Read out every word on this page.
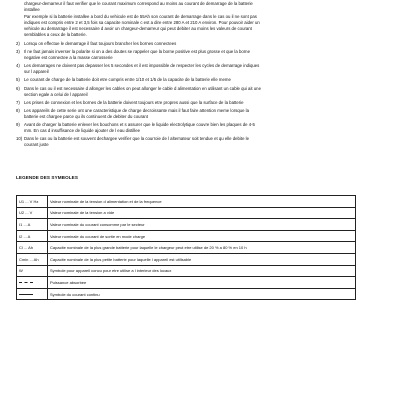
chargeur-demarreur il faut verifier que le courant maximum correspond au moins au courant de demarrage de la batterie

installee

Par exemple si la batterie installee a bord du vehicule est de 55Ah son courant de demarrage dans le cas ou il ne sont pas

indiques est compris entre 2 et 3,5 fois sa capacite nominale c est a dire entre 280 A et 210 A environ. Pour pouvoir aider un

vehicule au demarrage il est necessaire d avoir un chargeur-demarreur qui peut debiter au moins les valeurs de courant

semblables a ceux de la batterie.

2) Lorsqu on effectue le demarrage il faut toujours brancher les bornes connectees
3) Il ne faut jamais inverser la polarite si on a des doutes se rappeler que la borne positive est plus grosse et que la borne
negative est connectee a la masse carrosserie
4) Les demarrages ne doivent pas depasser les 5 secondes et il est impossible de respecter les cycles de demarrage indiques
sur l appareil
5) Le courant de charge de la batterie doit etre compris entre 1/10 et 1/5 de la capacite de la batterie elle meme
6) Dans le cas ou il est necessaire d allonger les cables on peut allonger le cable d alimentation en utilisant un cable qui ait une
section egale a celui de l appareil
7) Les prises de connexion et les bornes de la batterie doivent toujours etre propres aussi que la surface de la batterie
8) Les appareils de cette serie ont une caracteristique de charge decroissante mais il faut faire attention meme lorsque la
batterie est chargee parce qu ils continuent de debiter du courant
9) Avant de charger la batterie enlever les bouchons et s assurer que le liquide electrolytique couvre bien les plaques de 4-5
mm. En cas d insuffisance de liquide ajouter de l eau distillee
10) Dans le cas ou la batterie est souvent dechargee verifier que la courroie de l alternateur soit tendue et qu elle debite le
courant juste

LEGENDE DES SYMBOLES

U1 ... V Hz	Valeur nominale de la tension d alimentation et de la frequence
U2 ... V	Valeur nominale de la tension a vide
I1 ... A	Valeur nominale du courant consomme par le secteur
I2 ... A	Valeur nominale du courant de sortie en mode charge
Cl ... Ah	Capacite nominale de la plus grande batterie pour laquelle le chargeur peut etre utilise de 20 % a 80 % en 10 h
Cmin ... Ah	Capacite nominale de la plus petite batterie pour laquelle l appareil est utilisable
W	Symbole pour appareil concu pour etre utilise a l interieur des locaux
	Puissance absorbee
	Symbole du courant continu
